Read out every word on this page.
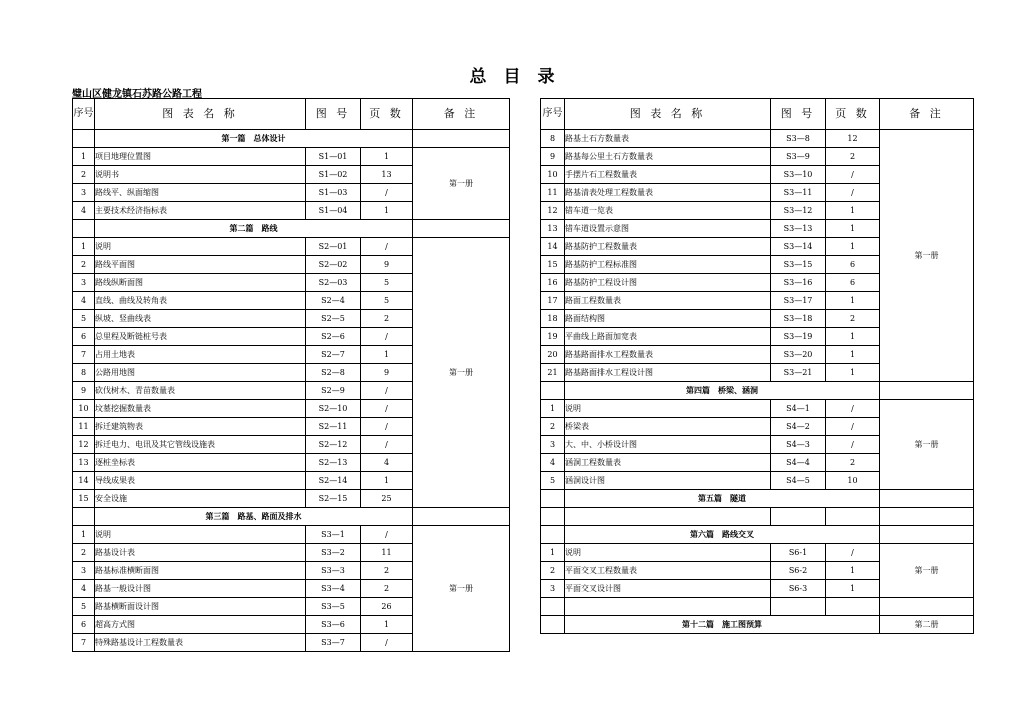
总　目　录
璧山区健龙镇石苏路公路工程
序号	图 表 名 称	图 号	页 数	备 注
	第一篇　总体设计			
1	项目地理位置图	S1—01	1	第一册
2	说明书	S1—02	13	
3	路线平、纵面缩图	S1—03	/	
4	主要技术经济指标表	S1—04	1	
	第二篇　路线			
1	说明	S2—01	/	第一册
2	路线平面图	S2—02	9	
3	路线纵断面图	S2—03	5	
4	直线、曲线及转角表	S2—4	5	
5	纵坡、竖曲线表	S2—5	2	
6	总里程及断链桩号表	S2—6	/	
7	占用土地表	S2—7	1	
8	公路用地图	S2—8	9	
9	砍伐树木、青苗数量表	S2—9	/	
10	坟墓挖掘数量表	S2—10	/	
11	拆迁建筑物表	S2—11	/	
12	拆迁电力、电讯及其它管线设施表	S2—12	/	
13	逐桩坐标表	S2—13	4	
14	导线成果表	S2—14	1	
15	安全设施	S2—15	25	
	第三篇　路基、路面及排水			
1	说明	S3—1	/	第一册
2	路基设计表	S3—2	11	
3	路基标准横断面图	S3—3	2	
4	路基一般设计图	S3—4	2	
5	路基横断面设计图	S3—5	26	
6	超高方式图	S3—6	1	
7	特殊路基设计工程数量表	S3—7	/	
序号	图 表 名 称	图 号	页 数	备 注
8	路基土石方数量表	S3—8	12	第一册
9	路基每公里土石方数量表	S3—9	2	
10	手摆片石工程数量表	S3—10	/	
11	路基清表处理工程数量表	S3—11	/	
12	错车道一览表	S3—12	1	
13	错车道设置示意图	S3—13	1	
14	路基防护工程数量表	S3—14	1	
15	路基防护工程标准图	S3—15	6	
16	路基防护工程设计图	S3—16	6	
17	路面工程数量表	S3—17	1	
18	路面结构图	S3—18	2	
19	平曲线上路面加宽表	S3—19	1	
20	路基路面排水工程数量表	S3—20	1	
21	路基路面排水工程设计图	S3—21	1	
	第四篇　桥梁、涵洞			
1	说明	S4—1	/	第一册
2	桥梁表	S4—2	/	
3	大、中、小桥设计图	S4—3	/	
4	涵洞工程数量表	S4—4	2	
5	涵洞设计图	S4—5	10	
	第五篇　隧道			

	第六篇　路线交叉			
1	说明	S6-1	/	第一册
2	平面交叉工程数量表	S6-2	1	
3	平面交叉设计图	S6-3	1	

	第十二篇　施工图预算			第二册
